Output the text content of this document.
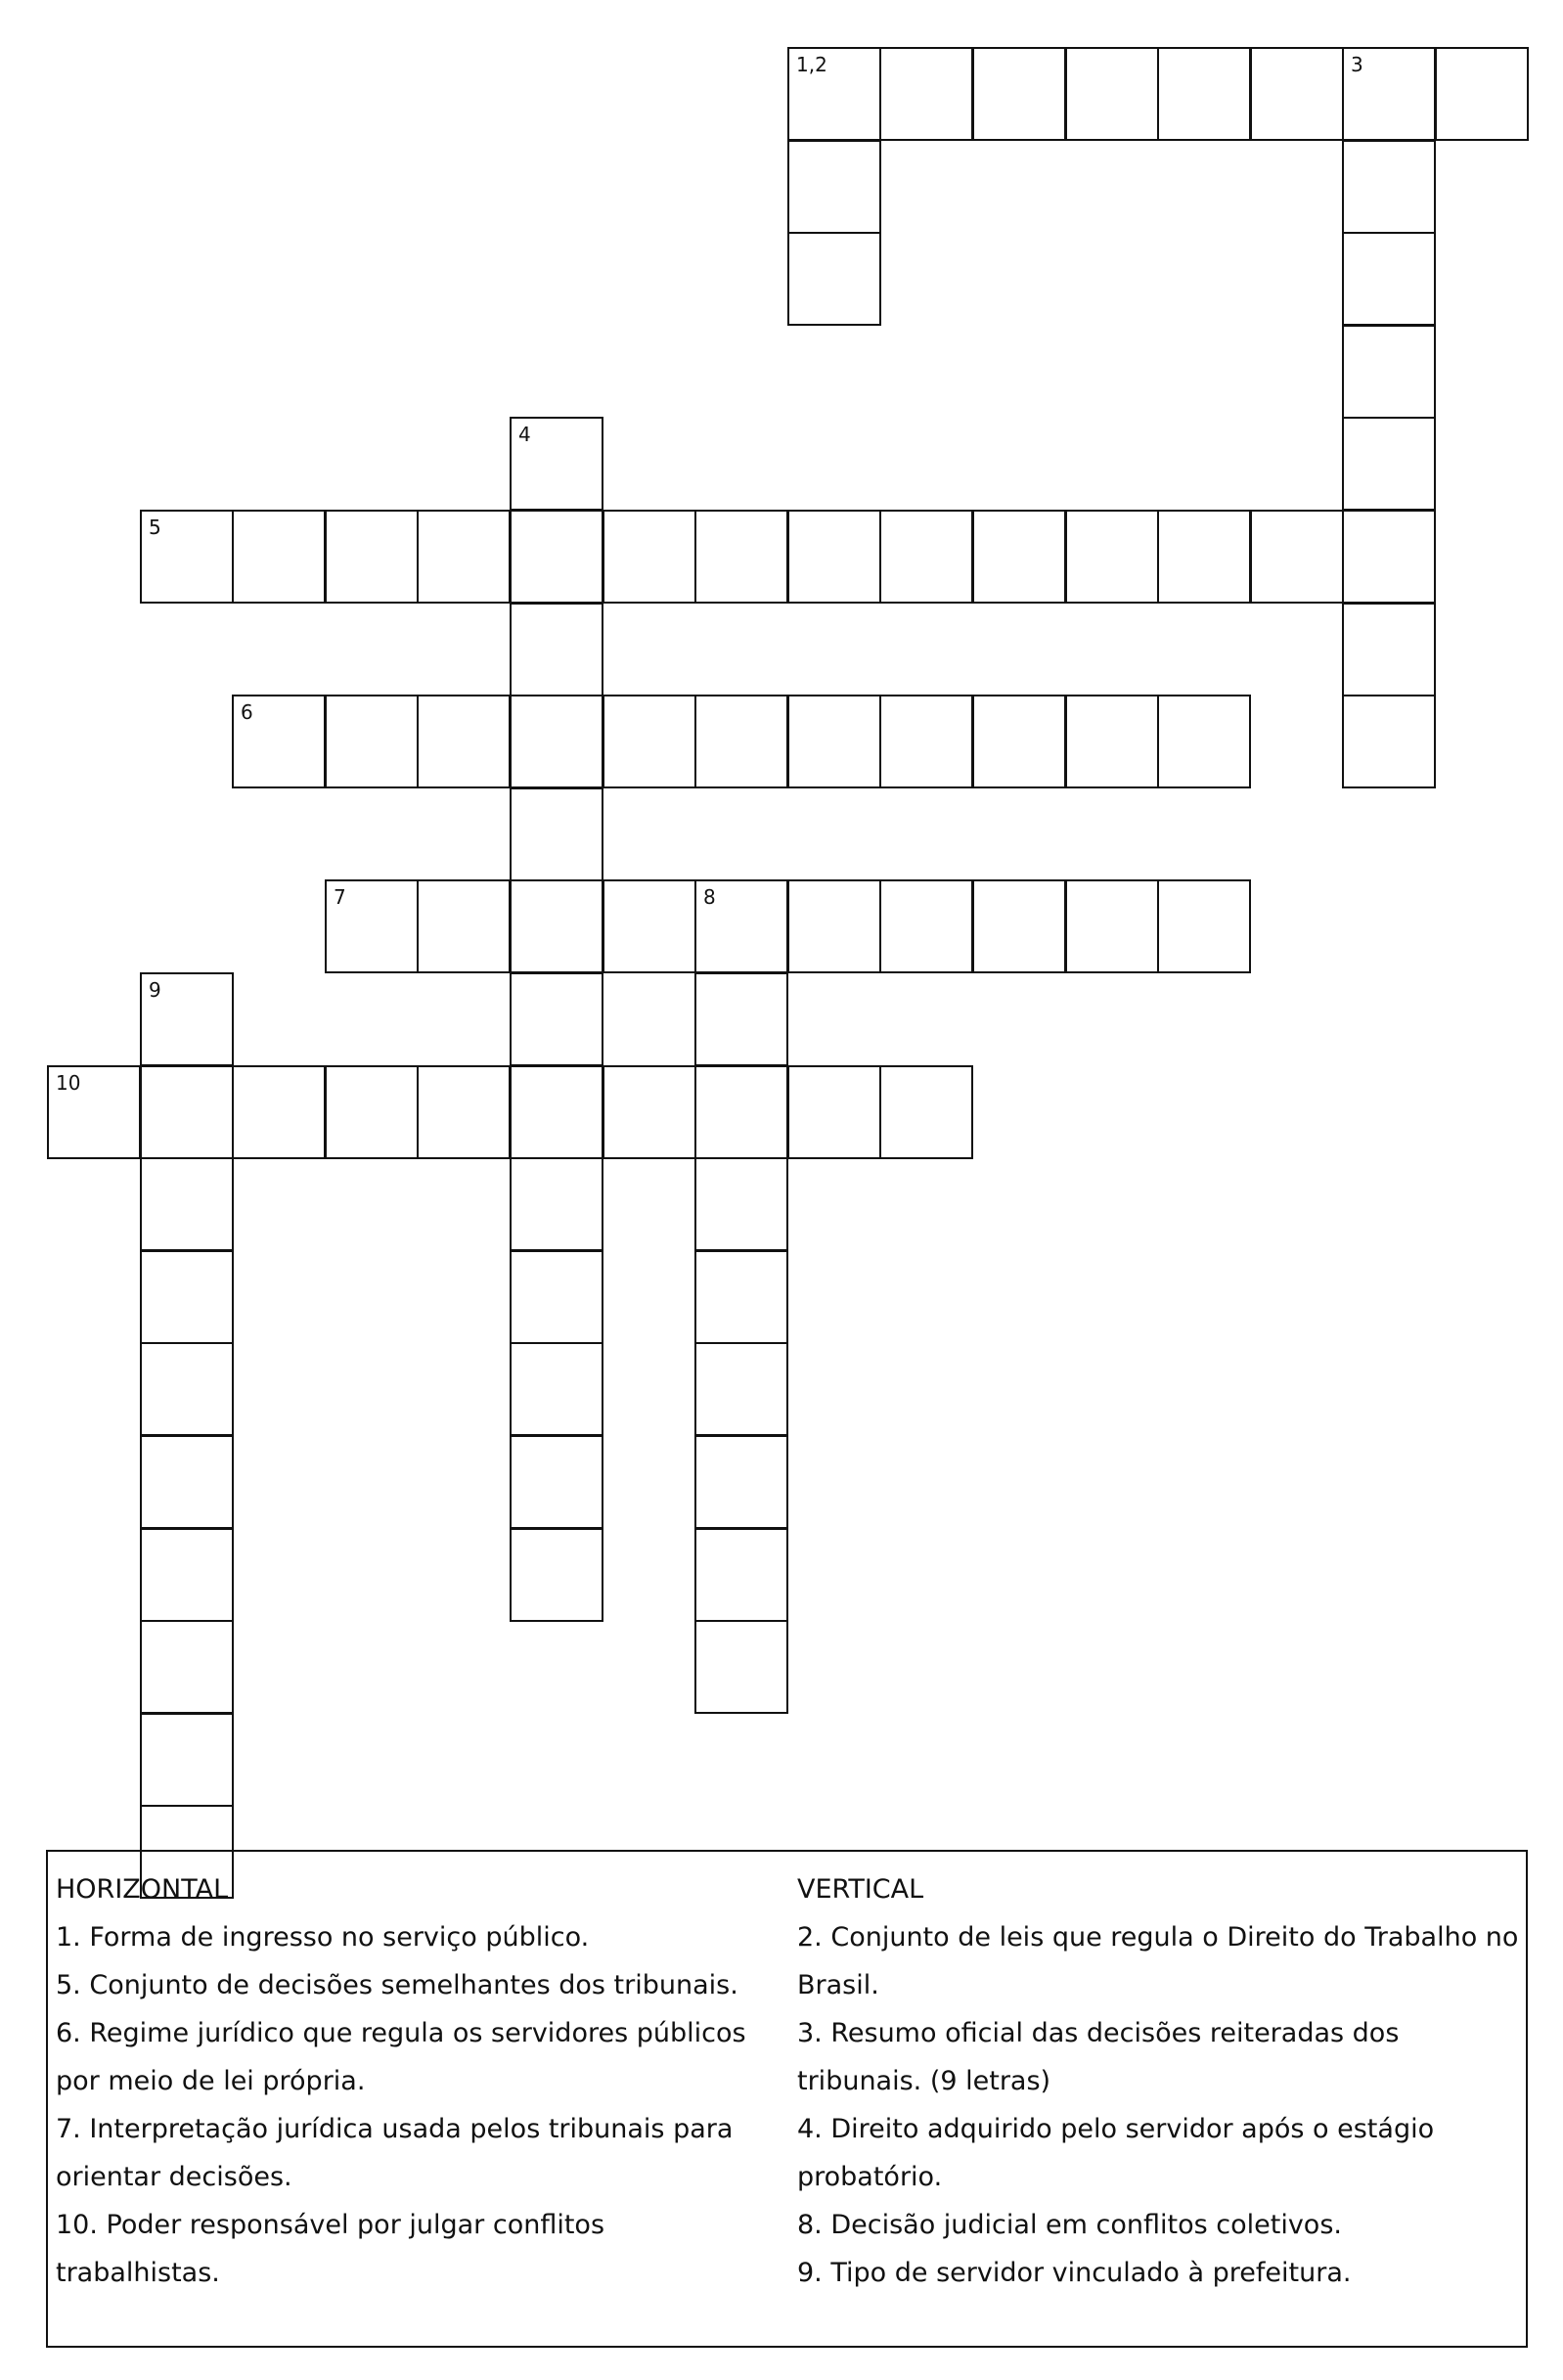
1,2	3
4
5
6
7	8
9
10
HORIZONTAL
1. Forma de ingresso no serviço público.
5. Conjunto de decisões semelhantes dos tribunais.
6. Regime jurídico que regula os servidores públicos
por meio de lei própria.
7. Interpretação jurídica usada pelos tribunais para
orientar decisões.
10. Poder responsável por julgar conflitos
trabalhistas.
VERTICAL
2. Conjunto de leis que regula o Direito do Trabalho no
Brasil.
3. Resumo oficial das decisões reiteradas dos
tribunais. (9 letras)
4. Direito adquirido pelo servidor após o estágio
probatório.
8. Decisão judicial em conflitos coletivos.
9. Tipo de servidor vinculado à prefeitura.
